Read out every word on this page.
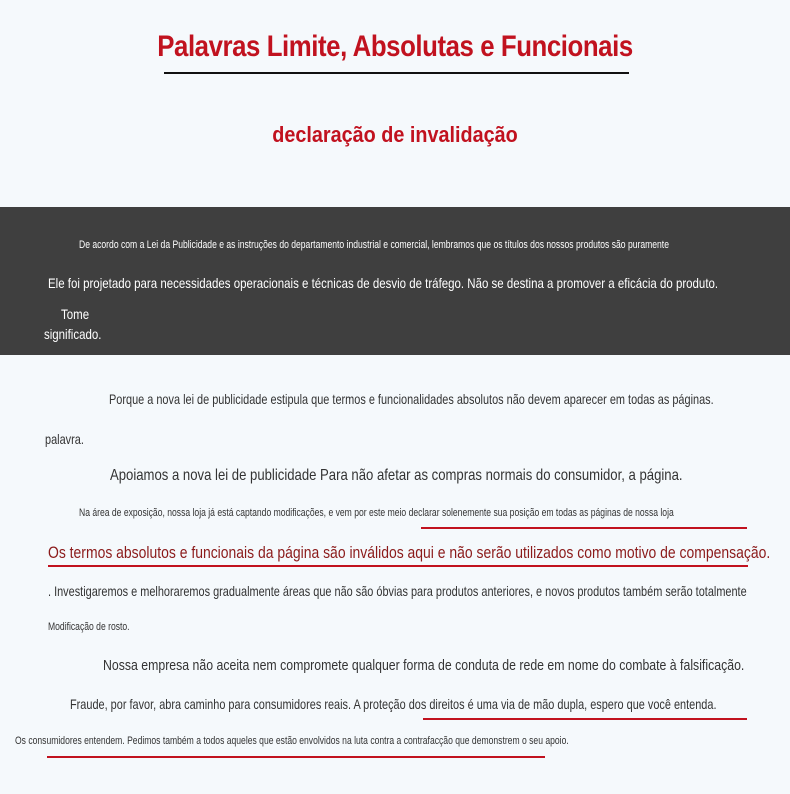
Palavras Limite, Absolutas e Funcionais
declaração de invalidação
De acordo com a Lei da Publicidade e as instruções do departamento industrial e comercial, lembramos que os títulos dos nossos produtos são puramente
Ele foi projetado para necessidades operacionais e técnicas de desvio de tráfego. Não se destina a promover a eficácia do produto.
Tome
significado.
Porque a nova lei de publicidade estipula que termos e funcionalidades absolutos não devem aparecer em todas as páginas.
palavra.
Apoiamos a nova lei de publicidade Para não afetar as compras normais do consumidor, a página.
Na área de exposição, nossa loja já está captando modificações, e vem por este meio declarar solenemente sua posição em todas as páginas de nossa loja
Os termos absolutos e funcionais da página são inválidos aqui e não serão utilizados como motivo de compensação.
. Investigaremos e melhoraremos gradualmente áreas que não são óbvias para produtos anteriores, e novos produtos também serão totalmente
Modificação de rosto.
Nossa empresa não aceita nem compromete qualquer forma de conduta de rede em nome do combate à falsificação.
Fraude, por favor, abra caminho para consumidores reais. A proteção dos direitos é uma via de mão dupla, espero que você entenda.
Os consumidores entendem. Pedimos também a todos aqueles que estão envolvidos na luta contra a contrafacção que demonstrem o seu apoio.
